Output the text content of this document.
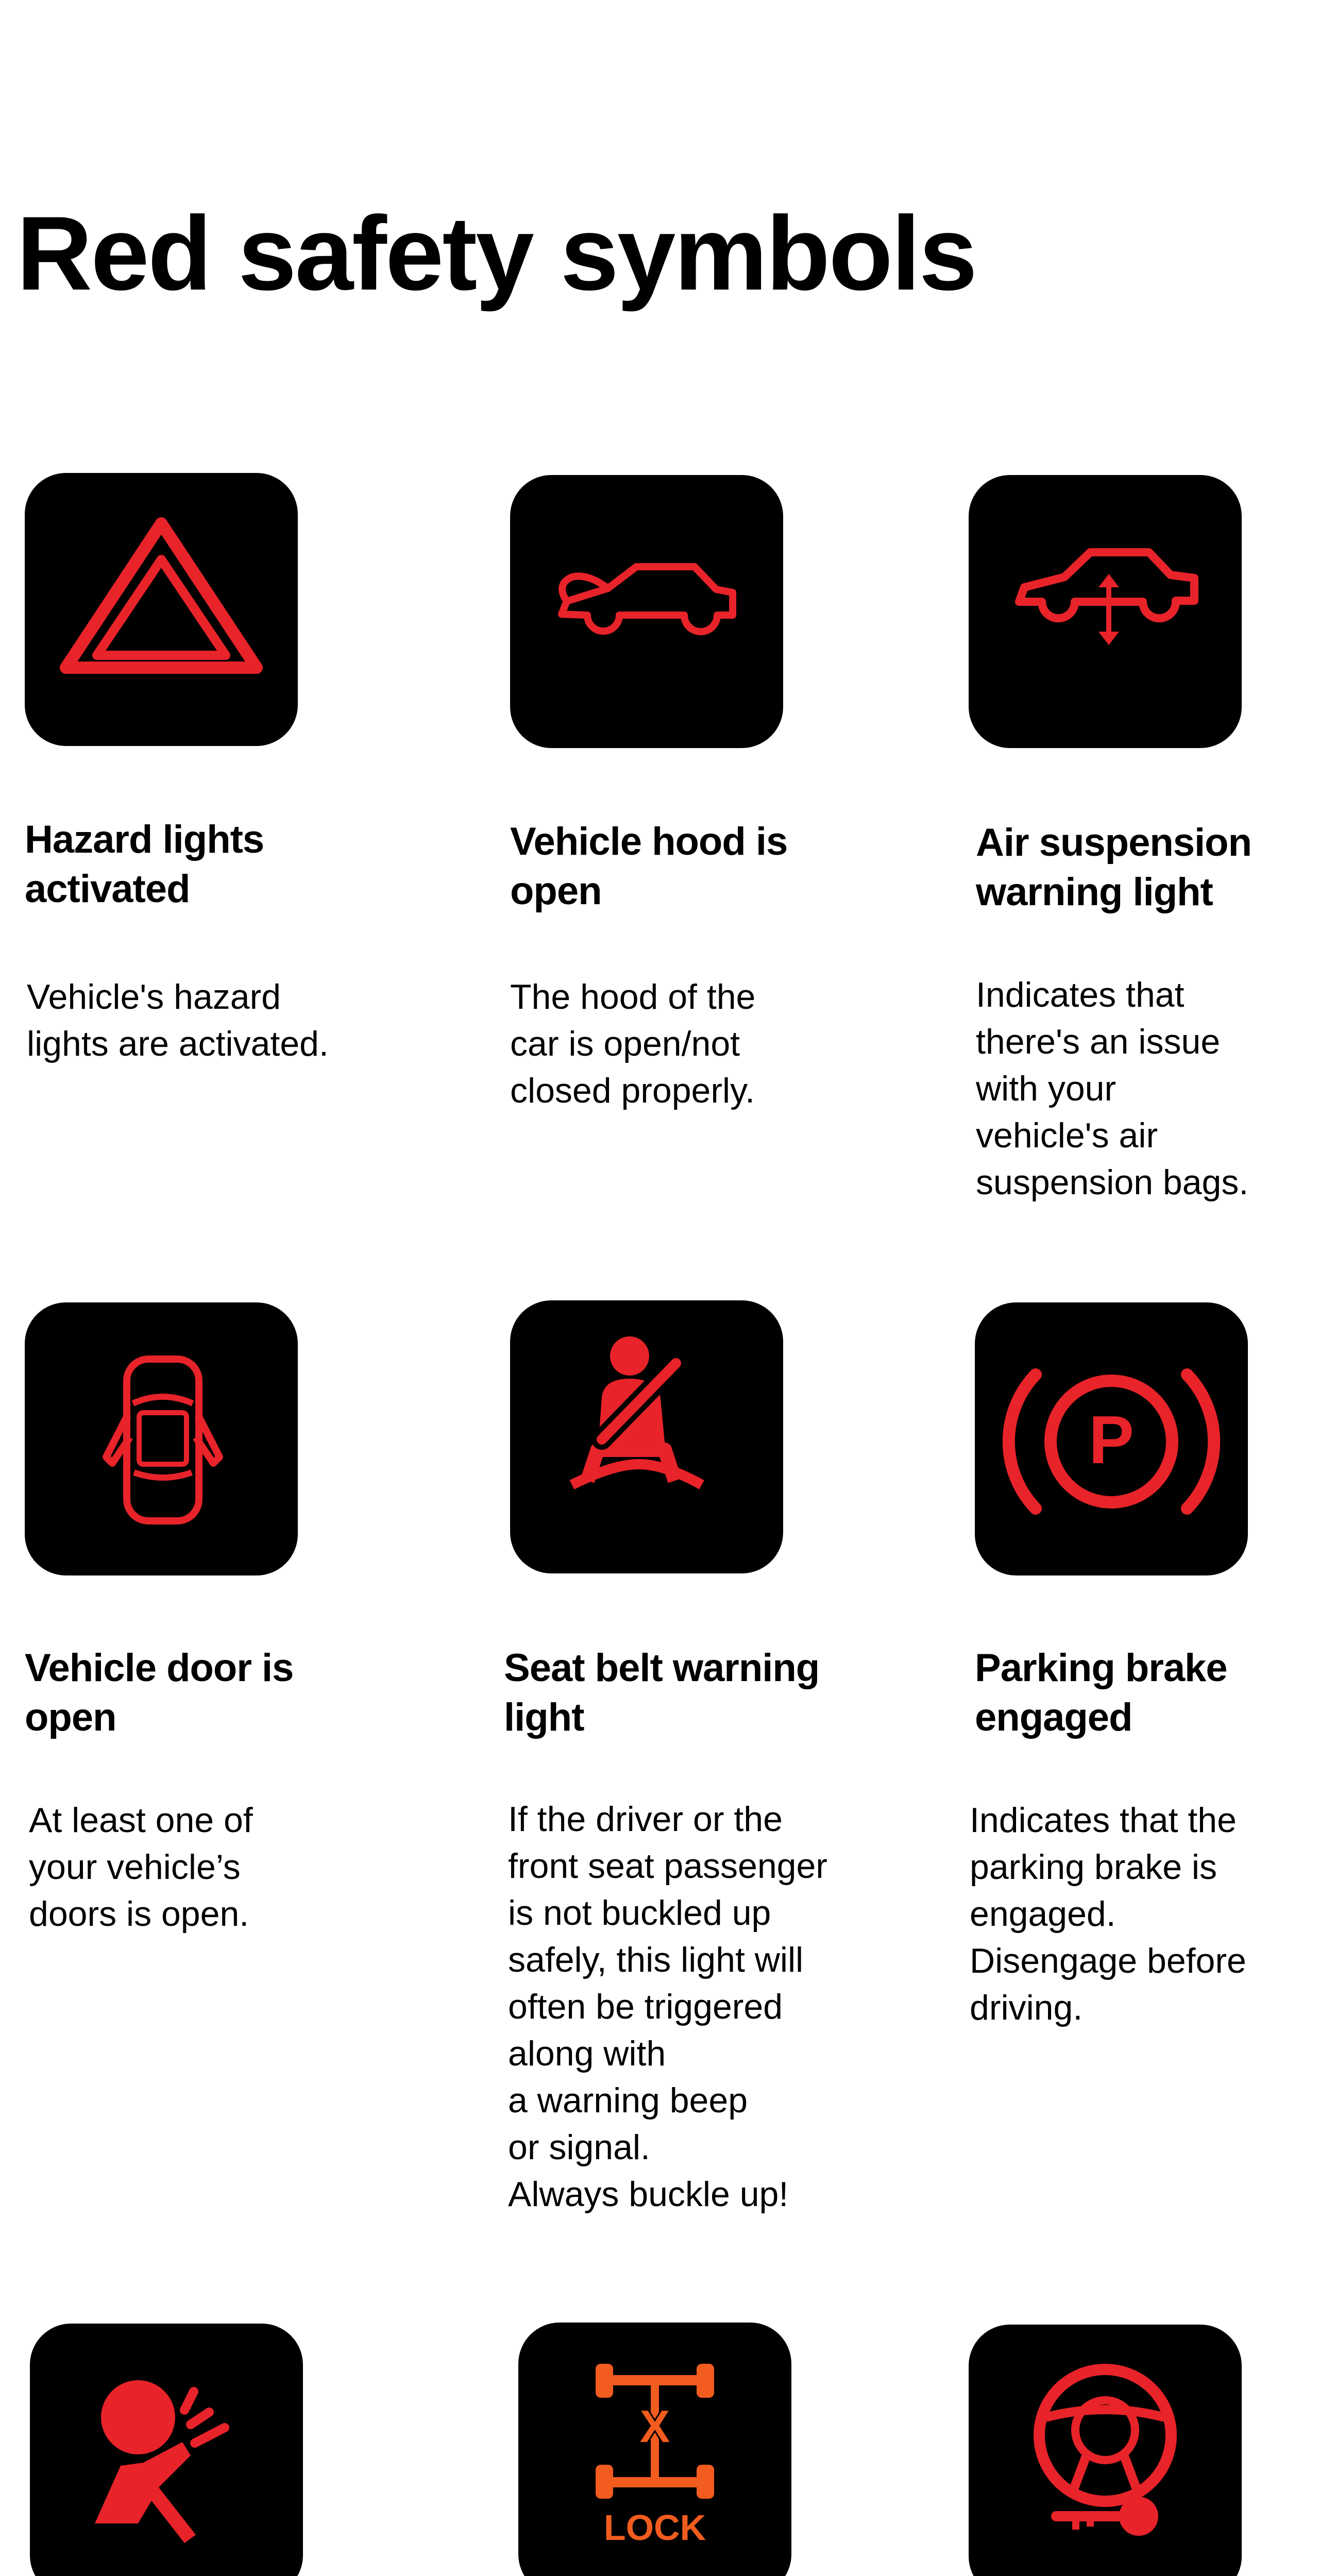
Red safety symbols
Hazard lights activated

Vehicle's hazard
lights are activated.

Vehicle hood is open

The hood of the
car is open/not
closed properly.

Air suspension warning light

Indicates that
there's an issue
with your
vehicle's air
suspension bags.

Vehicle door is open

At least one of
your vehicle’s
doors is open.

Seat belt warning light

If the driver or the
front seat passenger
is not buckled up
safely, this light will
often be triggered
along with
a warning beep
or signal.
Always buckle up!

P
Parking brake engaged

Indicates that the
parking brake is
engaged.
Disengage before
driving.

X
LOCK
